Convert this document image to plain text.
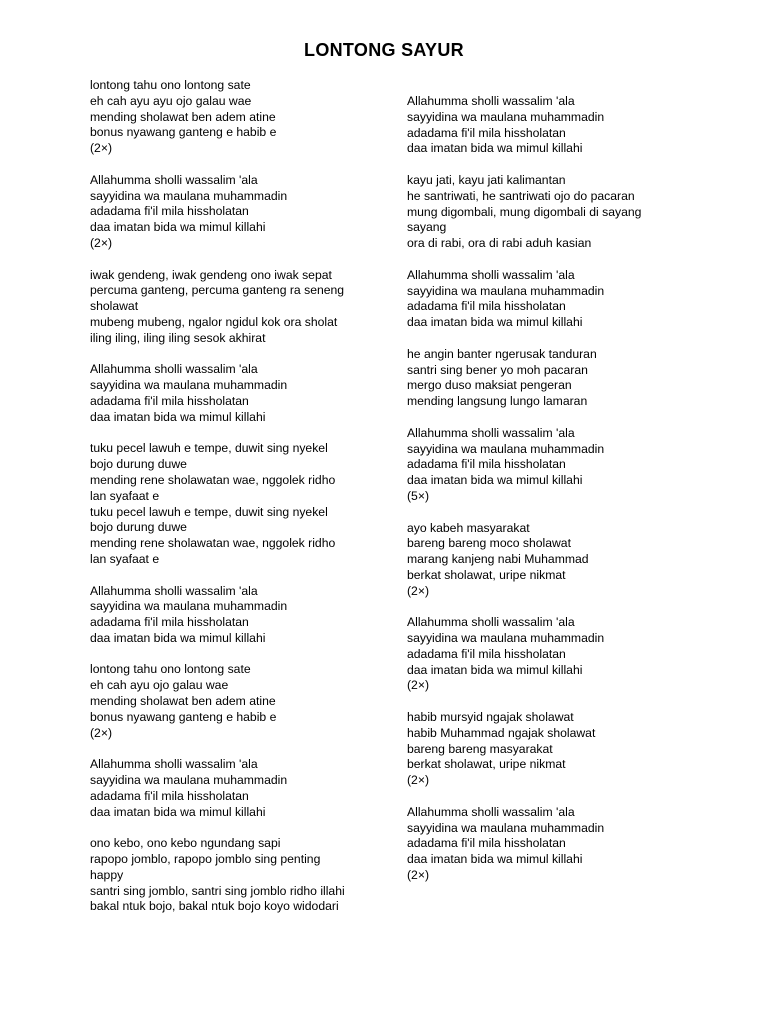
LONTONG SAYUR
lontong tahu ono lontong sate
eh cah ayu ayu ojo galau wae
mending sholawat ben adem atine
bonus nyawang ganteng e habib e
(2×)
Allahumma sholli wassalim 'ala
sayyidina wa maulana muhammadin
adadama fi'il mila hissholatan
daa imatan bida wa mimul killahi
(2×)
iwak gendeng, iwak gendeng ono iwak sepat
percuma ganteng, percuma ganteng ra seneng
sholawat
mubeng mubeng, ngalor ngidul kok ora sholat
iling iling, iling iling sesok akhirat
Allahumma sholli wassalim 'ala
sayyidina wa maulana muhammadin
adadama fi'il mila hissholatan
daa imatan bida wa mimul killahi
tuku pecel lawuh e tempe, duwit sing nyekel
bojo durung duwe
mending rene sholawatan wae, nggolek ridho
lan syafaat e
tuku pecel lawuh e tempe, duwit sing nyekel
bojo durung duwe
mending rene sholawatan wae, nggolek ridho
lan syafaat e
Allahumma sholli wassalim 'ala
sayyidina wa maulana muhammadin
adadama fi'il mila hissholatan
daa imatan bida wa mimul killahi
lontong tahu ono lontong sate
eh cah ayu ojo galau wae
mending sholawat ben adem atine
bonus nyawang ganteng e habib e
(2×)
Allahumma sholli wassalim 'ala
sayyidina wa maulana muhammadin
adadama fi'il mila hissholatan
daa imatan bida wa mimul killahi
ono kebo, ono kebo ngundang sapi
rapopo jomblo, rapopo jomblo sing penting
happy
santri sing jomblo, santri sing jomblo ridho illahi
bakal ntuk bojo, bakal ntuk bojo koyo widodari
Allahumma sholli wassalim 'ala
sayyidina wa maulana muhammadin
adadama fi'il mila hissholatan
daa imatan bida wa mimul killahi
kayu jati, kayu jati kalimantan
he santriwati, he santriwati ojo do pacaran
mung digombali, mung digombali di sayang
sayang
ora di rabi, ora di rabi aduh kasian
Allahumma sholli wassalim 'ala
sayyidina wa maulana muhammadin
adadama fi'il mila hissholatan
daa imatan bida wa mimul killahi
he angin banter ngerusak tanduran
santri sing bener yo moh pacaran
mergo duso maksiat pengeran
mending langsung lungo lamaran
Allahumma sholli wassalim 'ala
sayyidina wa maulana muhammadin
adadama fi'il mila hissholatan
daa imatan bida wa mimul killahi
(5×)
ayo kabeh masyarakat
bareng bareng moco sholawat
marang kanjeng nabi Muhammad
berkat sholawat, uripe nikmat
(2×)
Allahumma sholli wassalim 'ala
sayyidina wa maulana muhammadin
adadama fi'il mila hissholatan
daa imatan bida wa mimul killahi
(2×)
habib mursyid ngajak sholawat
habib Muhammad ngajak sholawat
bareng bareng masyarakat
berkat sholawat, uripe nikmat
(2×)
Allahumma sholli wassalim 'ala
sayyidina wa maulana muhammadin
adadama fi'il mila hissholatan
daa imatan bida wa mimul killahi
(2×)
